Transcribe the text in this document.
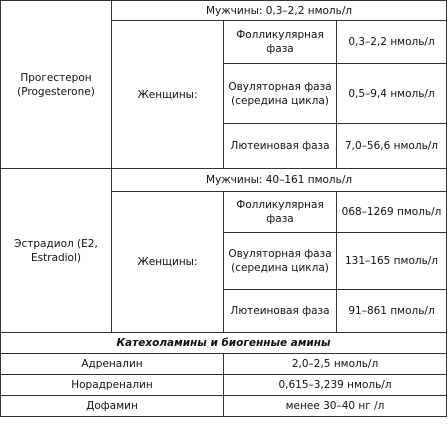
Прогестерон (Progesterone)	Мужчины: 0,3–2,2 нмоль/л		
	Женщины:	Фолликулярная фаза	0,3–2,2 нмоль/л
		Овуляторная фаза (середина цикла)	0,5–9,4 нмоль/л
		Лютеиновая фаза	7,0–56,6 нмоль/л
Эстрадиол (E2, Estradiol)	Мужчины: 40–161 пмоль/л		
	Женщины:	Фолликулярная фаза	068–1269 пмоль/л
		Овуляторная фаза (середина цикла)	131–165 пмоль/л
		Лютеиновая фаза	91–861 пмоль/л
Катехоламины и биогенные амины			
Адреналин		2,0–2,5 нмоль/л	
Норадреналин		0,615–3,239 нмоль/л	
Дофамин		менее 30–40 нг /л	
